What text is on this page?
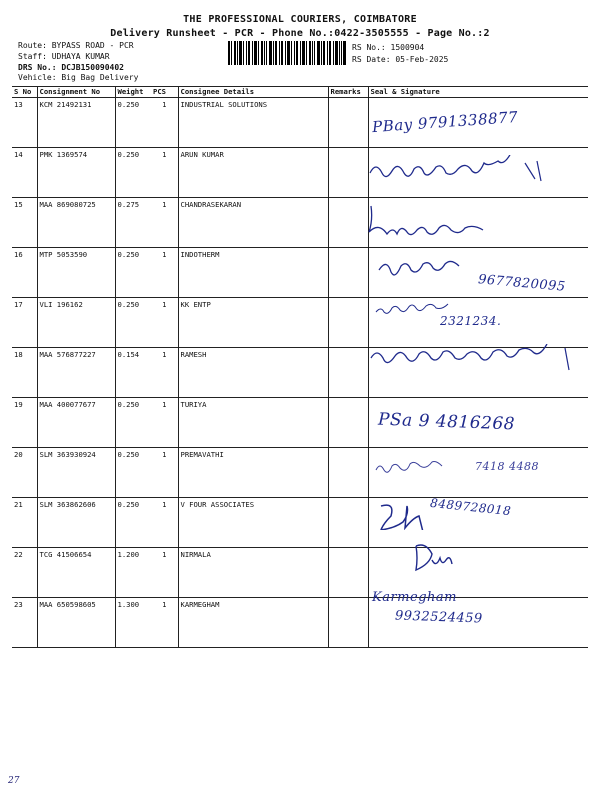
THE PROFESSIONAL COURIERS, COIMBATORE
Delivery Runsheet - PCR - Phone No.:0422-3505555 - Page No.:2
Route: BYPASS ROAD - PCR
Staff: UDHAYA KUMAR
DRS No.: DCJB150090402
Vehicle: Big Bag Delivery
RS No.: 1500904
RS Date: 05-Feb-2025
S No	Consignment No	Weight	PCS	Consignee Details	Remarks	Seal & Signature
13	KCM 21492131	0.250	1	INDUSTRIAL SOLUTIONS		
14	PMK 1369574	0.250	1	ARUN KUMAR		
15	MAA 869080725	0.275	1	CHANDRASEKARAN		
16	MTP 5053590	0.250	1	INDOTHERM		
17	VLI 196162	0.250	1	KK ENTP		
18	MAA 576877227	0.154	1	RAMESH		
19	MAA 400077677	0.250	1	TURIYA		
20	SLM 363930924	0.250	1	PREMAVATHI		
21	SLM 363862606	0.250	1	V FOUR ASSOCIATES		
22	TCG 41506654	1.200	1	NIRMALA		
23	MAA 650598605	1.300	1	KARMEGHAM		
PBay 9791338877
9677820095
2321234.
PSa 9 4816268
7418 4488
8489728018
Karmegham
9932524459
27
